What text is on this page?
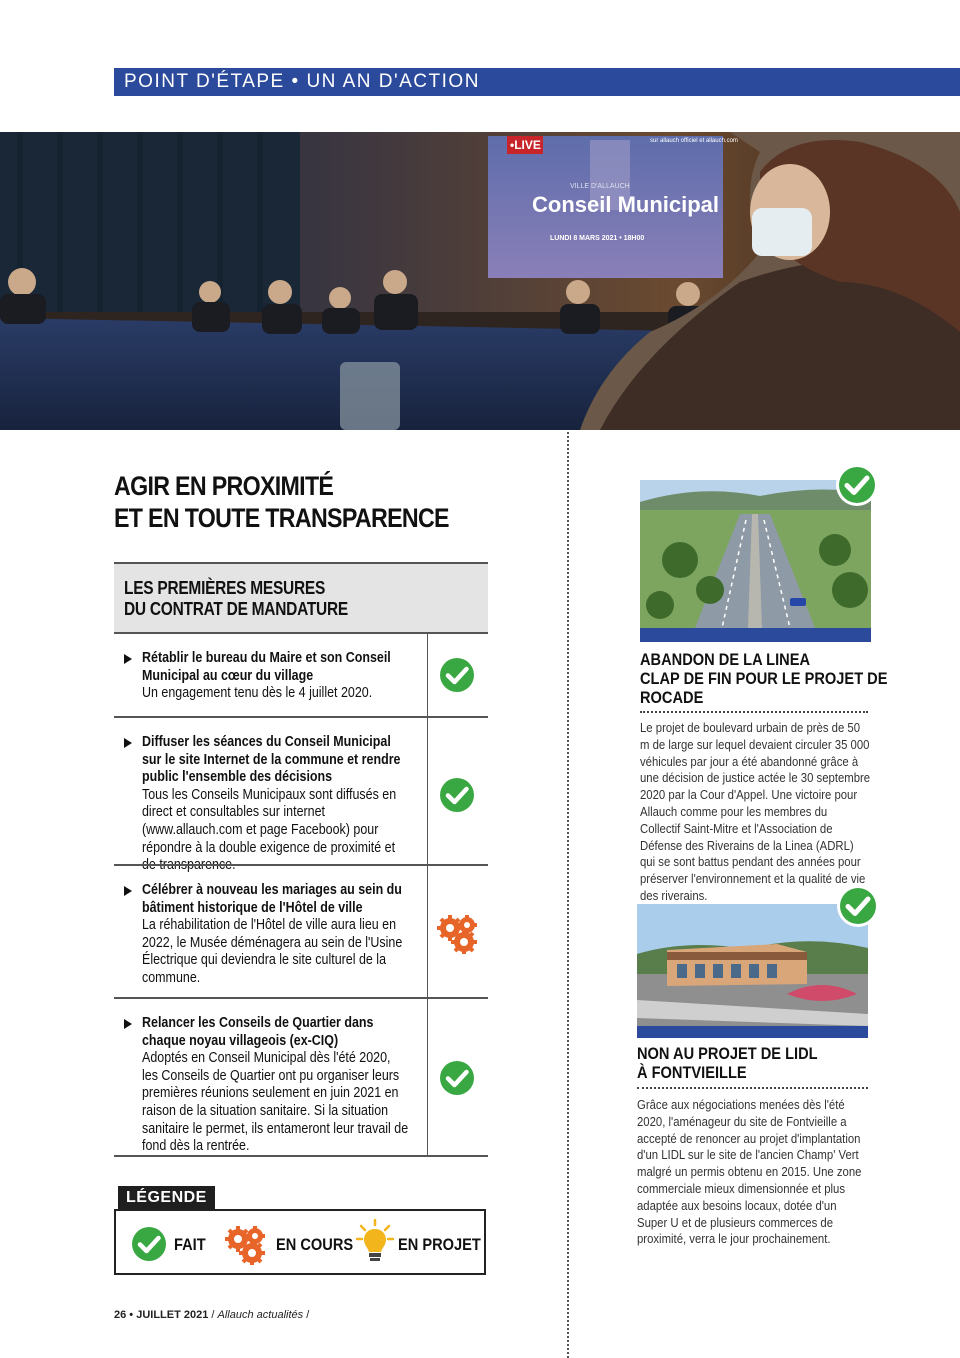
POINT D'ÉTAPE • UN AN D'ACTION
•LIVE	sur allauch officiel et allauch.com
VILLE D'ALLAUCH
Conseil Municipal
LUNDI 8 MARS 2021 • 18H00
AGIR EN PROXIMITÉ
ET EN TOUTE TRANSPARENCE
LES PREMIÈRES MESURES
DU CONTRAT DE MANDATURE
Rétablir le bureau du Maire et son Conseil Municipal au cœur du village
Un engagement tenu dès le 4 juillet 2020.
Diffuser les séances du Conseil Municipal sur le site Internet de la commune et rendre public l'ensemble des décisions
Tous les Conseils Municipaux sont diffusés en direct et consultables sur internet (www.allauch.com et page Facebook) pour répondre à la double exigence de proximité et de transparence.
Célébrer à nouveau les mariages au sein du bâtiment historique de l'Hôtel de ville
La réhabilitation de l'Hôtel de ville aura lieu en 2022, le Musée déménagera au sein de l'Usine Électrique qui deviendra le site culturel de la commune.
Relancer les Conseils de Quartier dans chaque noyau villageois (ex-CIQ)
Adoptés en Conseil Municipal dès l'été 2020, les Conseils de Quartier ont pu organiser leurs premières réunions seulement en juin 2021 en raison de la situation sanitaire. Si la situation sanitaire le permet, ils entameront leur travail de fond dès la rentrée.
LÉGENDE
FAIT	EN COURS	EN PROJET
26 • JUILLET 2021 / Allauch actualités /
ABANDON DE LA LINEA
CLAP DE FIN POUR LE PROJET DE
ROCADE
Le projet de boulevard urbain de près de 50 m de large sur lequel devaient circuler 35 000 véhicules par jour a été abandonné grâce à une décision de justice actée le 30 septembre 2020 par la Cour d'Appel. Une victoire pour Allauch comme pour les membres du Collectif Saint-Mitre et l'Association de Défense des Riverains de la Linea (ADRL) qui se sont battus pendant des années pour préserver l'environnement et la qualité de vie des riverains.
NON AU PROJET DE LIDL
À FONTVIEILLE
Grâce aux négociations menées dès l'été 2020, l'aménageur du site de Fontvieille a accepté de renoncer au projet d'implantation d'un LIDL sur le site de l'ancien Champ' Vert malgré un permis obtenu en 2015. Une zone commerciale mieux dimensionnée et plus adaptée aux besoins locaux, dotée d'un Super U et de plusieurs commerces de proximité, verra le jour prochainement.
